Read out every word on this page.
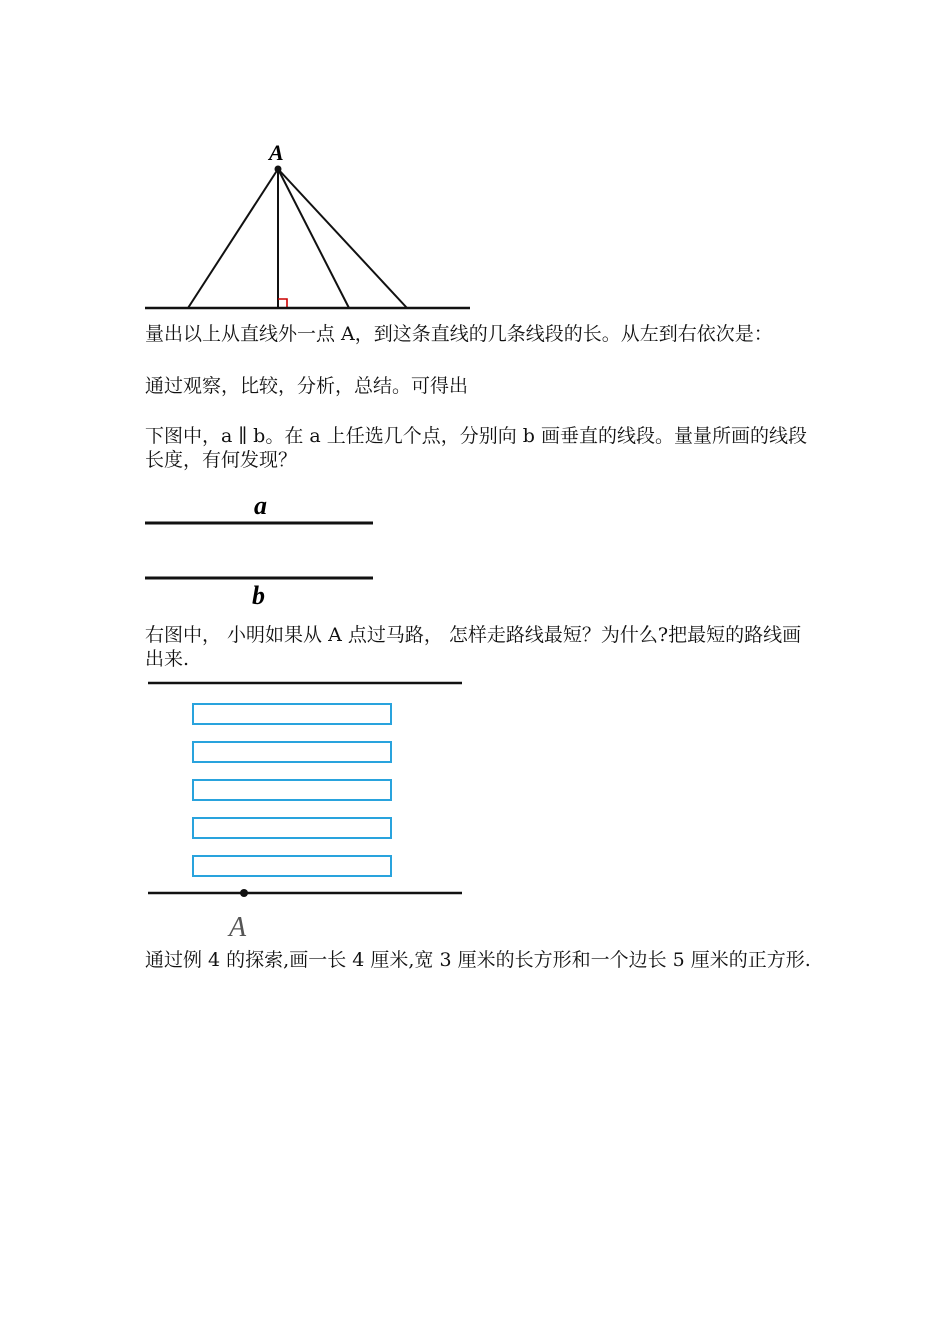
A

量出以上从直线外一点 A，到这条直线的几条线段的长。从左到右依次是：

通过观察，比较，分析，总结。可得出

下图中，a ∥ b。在 a 上任选几个点，分别向 b 画垂直的线段。量量所画的线段长度，有何发现？

a
b

右图中， 小明如果从 A 点过马路， 怎样走路线最短？为什么?把最短的路线画出来.

A

通过例 4 的探索,画一长 4 厘米,宽 3 厘米的长方形和一个边长 5 厘米的正方形.
